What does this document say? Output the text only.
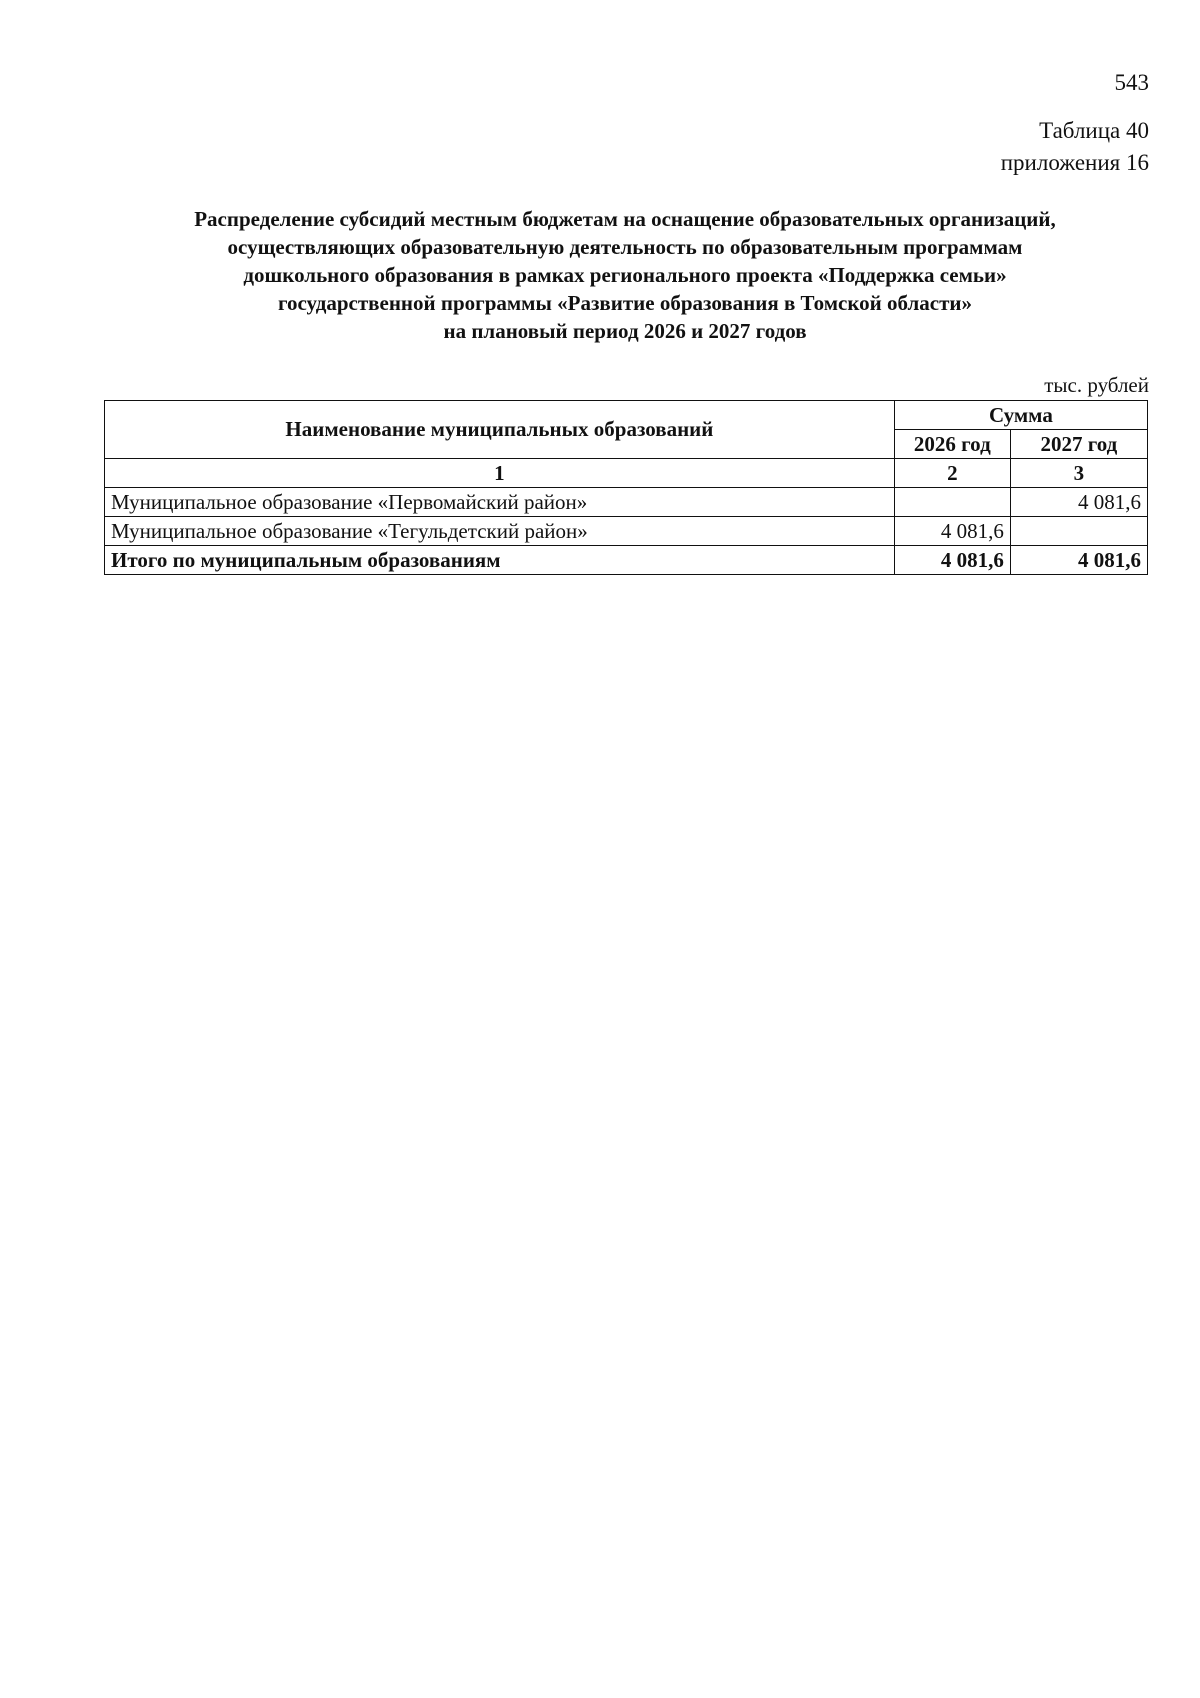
543
Таблица 40
приложения 16
Распределение субсидий местным бюджетам на оснащение образовательных организаций,
осуществляющих образовательную деятельность по образовательным программам
дошкольного образования в рамках регионального проекта «Поддержка семьи»
государственной программы «Развитие образования в Томской области»
на плановый период 2026 и 2027 годов
тыс. рублей
Наименование муниципальных образований	Сумма	
	2026 год	2027 год
1	2	3
Муниципальное образование «Первомайский район»		4 081,6
Муниципальное образование «Тегульдетский район»	4 081,6	
Итого по муниципальным образованиям	4 081,6	4 081,6
